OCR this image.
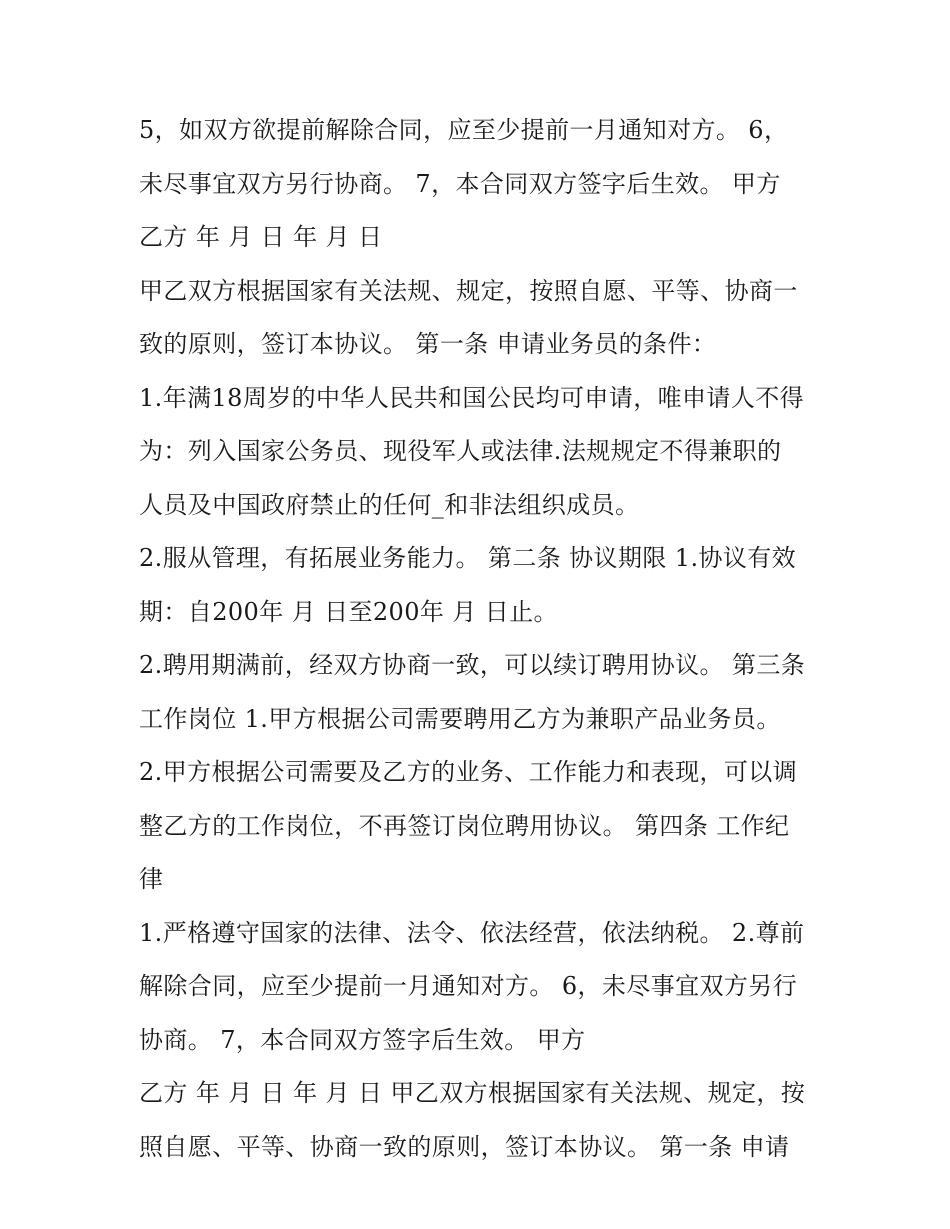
5，如双方欲提前解除合同，应至少提前一月通知对方。 6，
未尽事宜双方另行协商。 7，本合同双方签字后生效。 甲方
乙方 年 月 日 年 月 日
甲乙双方根据国家有关法规、规定，按照自愿、平等、协商一
致的原则，签订本协议。 第一条 申请业务员的条件：
1.年满18周岁的中华人民共和国公民均可申请，唯申请人不得
为：列入国家公务员、现役军人或法律.法规规定不得兼职的
人员及中国政府禁止的任何_和非法组织成员。
2.服从管理，有拓展业务能力。 第二条 协议期限 1.协议有效
期：自200年 月 日至200年 月 日止。
2.聘用期满前，经双方协商一致，可以续订聘用协议。 第三条
工作岗位 1.甲方根据公司需要聘用乙方为兼职产品业务员。
2.甲方根据公司需要及乙方的业务、工作能力和表现，可以调
整乙方的工作岗位，不再签订岗位聘用协议。 第四条 工作纪
律
1.严格遵守国家的法律、法令、依法经营，依法纳税。 2.尊前
解除合同，应至少提前一月通知对方。 6，未尽事宜双方另行
协商。 7，本合同双方签字后生效。 甲方
乙方 年 月 日 年 月 日 甲乙双方根据国家有关法规、规定，按
照自愿、平等、协商一致的原则，签订本协议。 第一条 申请
